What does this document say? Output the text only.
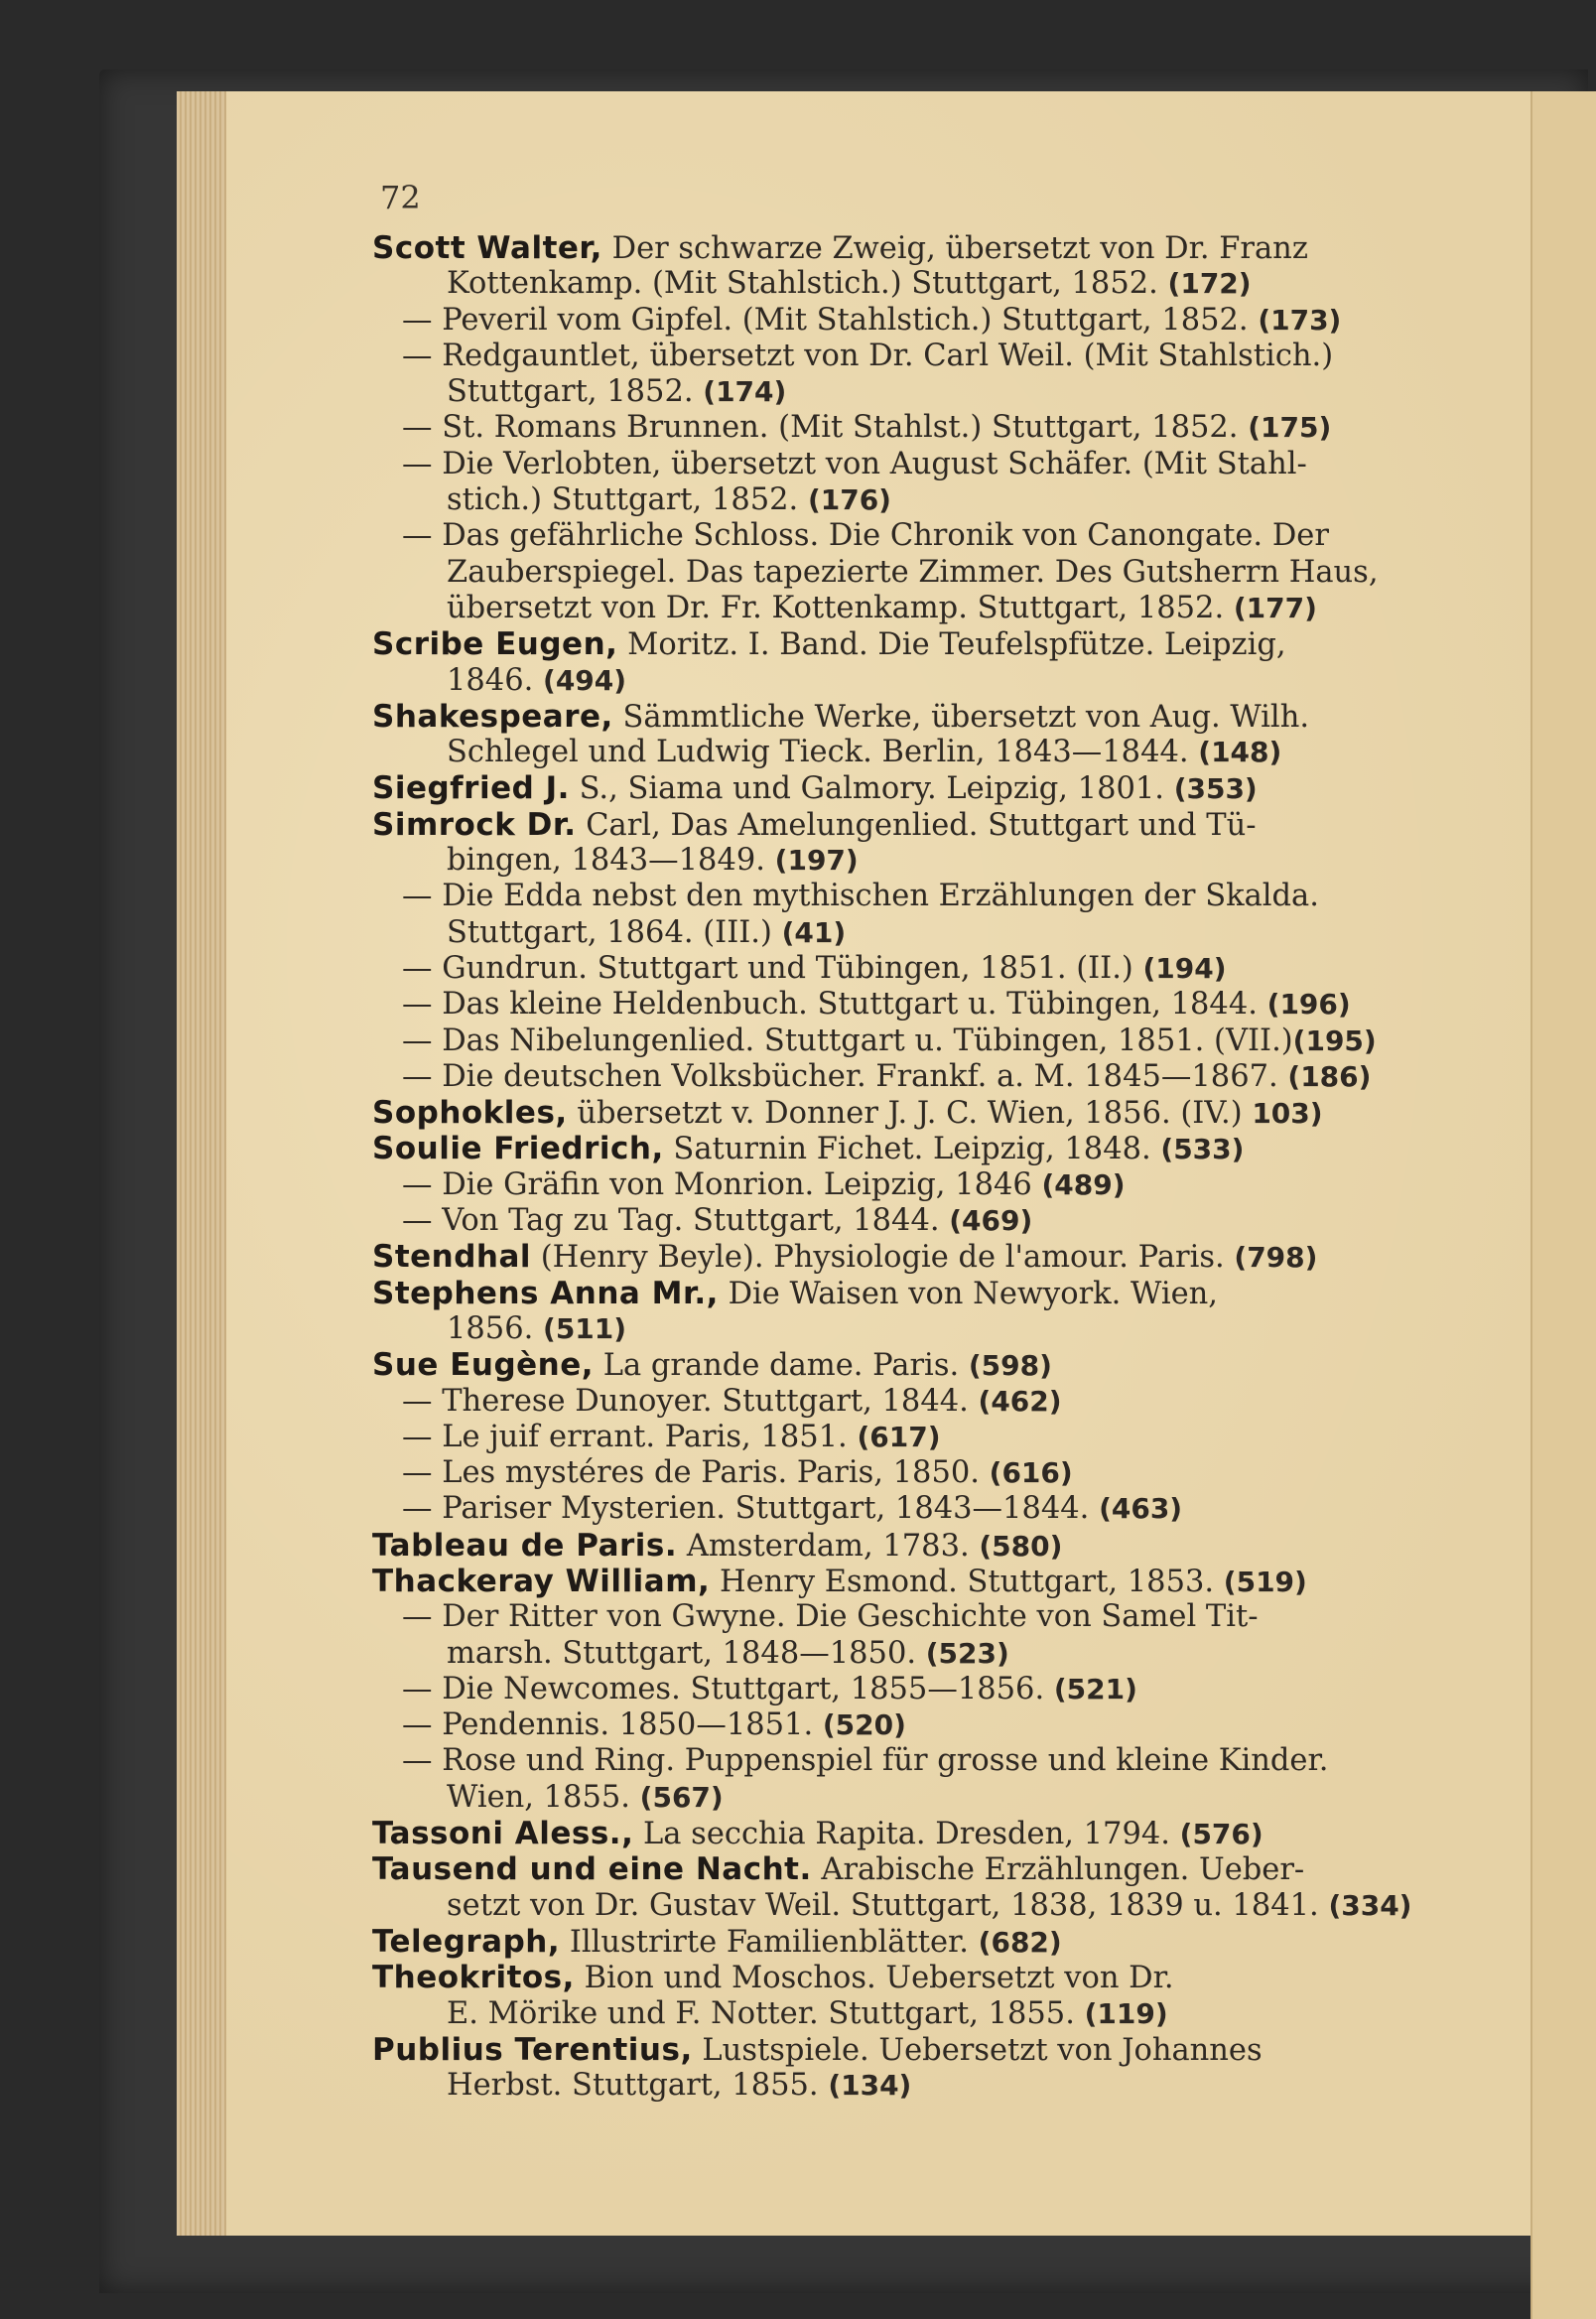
72
Scott Walter, Der schwarze Zweig, übersetzt von Dr. Franz
Kottenkamp. (Mit Stahlstich.) Stuttgart, 1852. (172)
— Peveril vom Gipfel. (Mit Stahlstich.) Stuttgart, 1852. (173)
— Redgauntlet, übersetzt von Dr. Carl Weil. (Mit Stahlstich.)
Stuttgart, 1852. (174)
— St. Romans Brunnen. (Mit Stahlst.) Stuttgart, 1852. (175)
— Die Verlobten, übersetzt von August Schäfer. (Mit Stahl-
stich.) Stuttgart, 1852. (176)
— Das gefährliche Schloss. Die Chronik von Canongate. Der
Zauberspiegel. Das tapezierte Zimmer. Des Gutsherrn Haus,
übersetzt von Dr. Fr. Kottenkamp. Stuttgart, 1852. (177)
Scribe Eugen, Moritz. I. Band. Die Teufelspfütze. Leipzig,
1846. (494)
Shakespeare, Sämmtliche Werke, übersetzt von Aug. Wilh.
Schlegel und Ludwig Tieck. Berlin, 1843—1844. (148)
Siegfried J. S., Siama und Galmory. Leipzig, 1801. (353)
Simrock Dr. Carl, Das Amelungenlied. Stuttgart und Tü-
bingen, 1843—1849. (197)
— Die Edda nebst den mythischen Erzählungen der Skalda.
Stuttgart, 1864. (III.) (41)
— Gundrun. Stuttgart und Tübingen, 1851. (II.) (194)
— Das kleine Heldenbuch. Stuttgart u. Tübingen, 1844. (196)
— Das Nibelungenlied. Stuttgart u. Tübingen, 1851. (VII.) (195)
— Die deutschen Volksbücher. Frankf. a. M. 1845—1867. (186)
Sophokles, übersetzt v. Donner J. J. C. Wien, 1856. (IV.) 103)
Soulie Friedrich, Saturnin Fichet. Leipzig, 1848. (533)
— Die Gräfin von Monrion. Leipzig, 1846 (489)
— Von Tag zu Tag. Stuttgart, 1844. (469)
Stendhal (Henry Beyle). Physiologie de l'amour. Paris. (798)
Stephens Anna Mr., Die Waisen von Newyork. Wien,
1856. (511)
Sue Eugène, La grande dame. Paris. (598)
— Therese Dunoyer. Stuttgart, 1844. (462)
— Le juif errant. Paris, 1851. (617)
— Les mystéres de Paris. Paris, 1850. (616)
— Pariser Mysterien. Stuttgart, 1843—1844. (463)
Tableau de Paris. Amsterdam, 1783. (580)
Thackeray William, Henry Esmond. Stuttgart, 1853. (519)
— Der Ritter von Gwyne. Die Geschichte von Samel Tit-
marsh. Stuttgart, 1848—1850. (523)
— Die Newcomes. Stuttgart, 1855—1856. (521)
— Pendennis. 1850—1851. (520)
— Rose und Ring. Puppenspiel für grosse und kleine Kinder.
Wien, 1855. (567)
Tassoni Aless., La secchia Rapita. Dresden, 1794. (576)
Tausend und eine Nacht. Arabische Erzählungen. Ueber-
setzt von Dr. Gustav Weil. Stuttgart, 1838, 1839 u. 1841. (334)
Telegraph, Illustrirte Familienblätter. (682)
Theokritos, Bion und Moschos. Uebersetzt von Dr.
E. Mörike und F. Notter. Stuttgart, 1855. (119)
Publius Terentius, Lustspiele. Uebersetzt von Johannes
Herbst. Stuttgart, 1855. (134)
